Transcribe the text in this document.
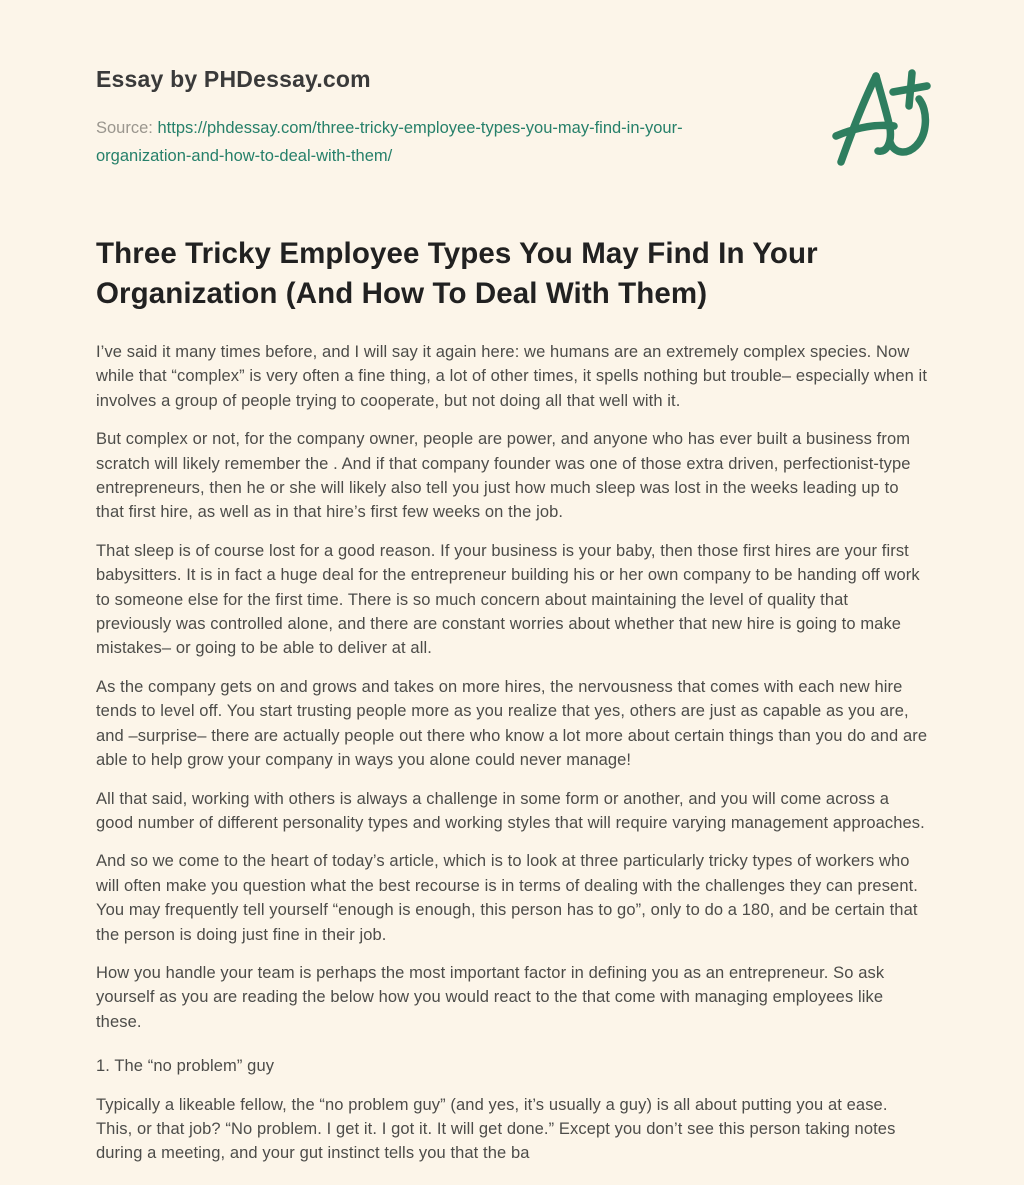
Essay by PHDessay.com

Source: https://phdessay.com/three-tricky-employee-types-you-may-find-in-your-organization-and-how-to-deal-with-them/

Three Tricky Employee Types You May Find In Your Organization (And How To Deal With Them)

I’ve said it many times before, and I will say it again here: we humans are an extremely complex species. Now while that “complex” is very often a fine thing, a lot of other times, it spells nothing but trouble– especially when it involves a group of people trying to cooperate, but not doing all that well with it.

But complex or not, for the company owner, people are power, and anyone who has ever built a business from scratch will likely remember the . And if that company founder was one of those extra driven, perfectionist-type entrepreneurs, then he or she will likely also tell you just how much sleep was lost in the weeks leading up to that first hire, as well as in that hire’s first few weeks on the job.

That sleep is of course lost for a good reason. If your business is your baby, then those first hires are your first babysitters. It is in fact a huge deal for the entrepreneur building his or her own company to be handing off work to someone else for the first time. There is so much concern about maintaining the level of quality that previously was controlled alone, and there are constant worries about whether that new hire is going to make mistakes– or going to be able to deliver at all.

As the company gets on and grows and takes on more hires, the nervousness that comes with each new hire tends to level off. You start trusting people more as you realize that yes, others are just as capable as you are, and –surprise– there are actually people out there who know a lot more about certain things than you do and are able to help grow your company in ways you alone could never manage!

All that said, working with others is always a challenge in some form or another, and you will come across a good number of different personality types and working styles that will require varying management approaches.

And so we come to the heart of today’s article, which is to look at three particularly tricky types of workers who will often make you question what the best recourse is in terms of dealing with the challenges they can present. You may frequently tell yourself “enough is enough, this person has to go”, only to do a 180, and be certain that the person is doing just fine in their job.

How you handle your team is perhaps the most important factor in defining you as an entrepreneur. So ask yourself as you are reading the below how you would react to the that come with managing employees like these.

1. The “no problem” guy

Typically a likeable fellow, the “no problem guy” (and yes, it’s usually a guy) is all about putting you at ease. This, or that job? “No problem. I get it. I got it. It will get done.” Except you don’t see this person taking notes during a meeting, and your gut instinct tells you that the ba
